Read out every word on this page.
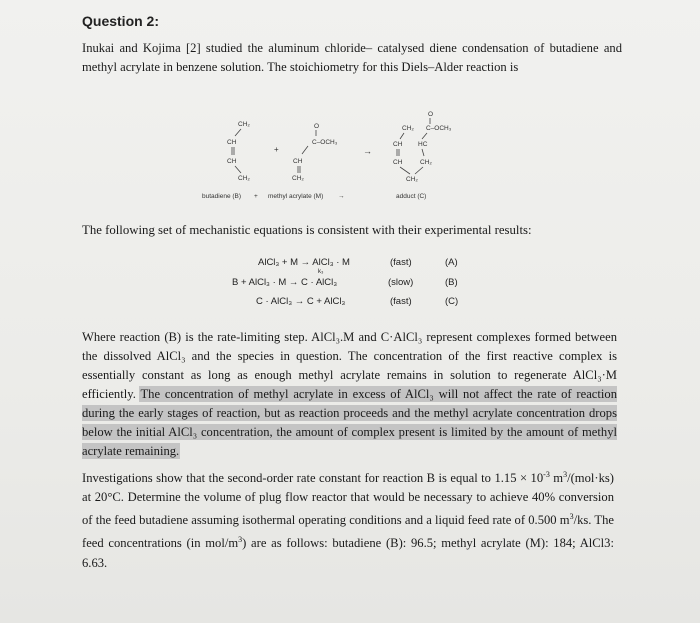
Question 2:
Inukai and Kojima [2] studied the aluminum chloride– catalysed diene condensation of butadiene and methyl acrylate in benzene solution. The stoichiometry for this Diels–Alder reaction is
CH₂
CH
CH
CH₂
+
O
C–OCH₃
CH
CH₂
→
O
CH₂ C–OCH₃
CH HC
CH	CH₂
CH₂
butadiene (B) + methyl acrylate (M) →	adduct (C)
The following set of mechanistic equations is consistent with their experimental results:
AlCl₃ + M → AlCl₃ · M	(fast)	(A)
k₃
B + AlCl₃ · M → C · AlCl₃	(slow)	(B)
C · AlCl₃ → C + AlCl₃	(fast)	(C)
Where reaction (B) is the rate-limiting step. AlCl₃.M and C·AlCl₃ represent complexes formed between the dissolved AlCl₃ and the species in question. The concentration of the first reactive complex is essentially constant as long as enough methyl acrylate remains in solution to regenerate AlCl₃·M efficiently. The concentration of methyl acrylate in excess of AlCl₃ will not affect the rate of reaction during the early stages of reaction, but as reaction proceeds and the methyl acrylate concentration drops below the initial AlCl₃ concentration, the amount of complex present is limited by the amount of methyl acrylate remaining.
Investigations show that the second-order rate constant for reaction B is equal to $1.15 \times 10^{-3}$ $m^3/(mol\cdot ks)$ at 20°C. Determine the volume of plug flow reactor that would be necessary to achieve 40% conversion of the feed butadiene assuming isothermal operating conditions and a liquid feed rate of 0.500 $m^3/ks$. The feed concentrations (in mol/$m^3$) are as follows: butadiene (B): 96.5; methyl acrylate (M): 184; AlCl3: 6.63.
